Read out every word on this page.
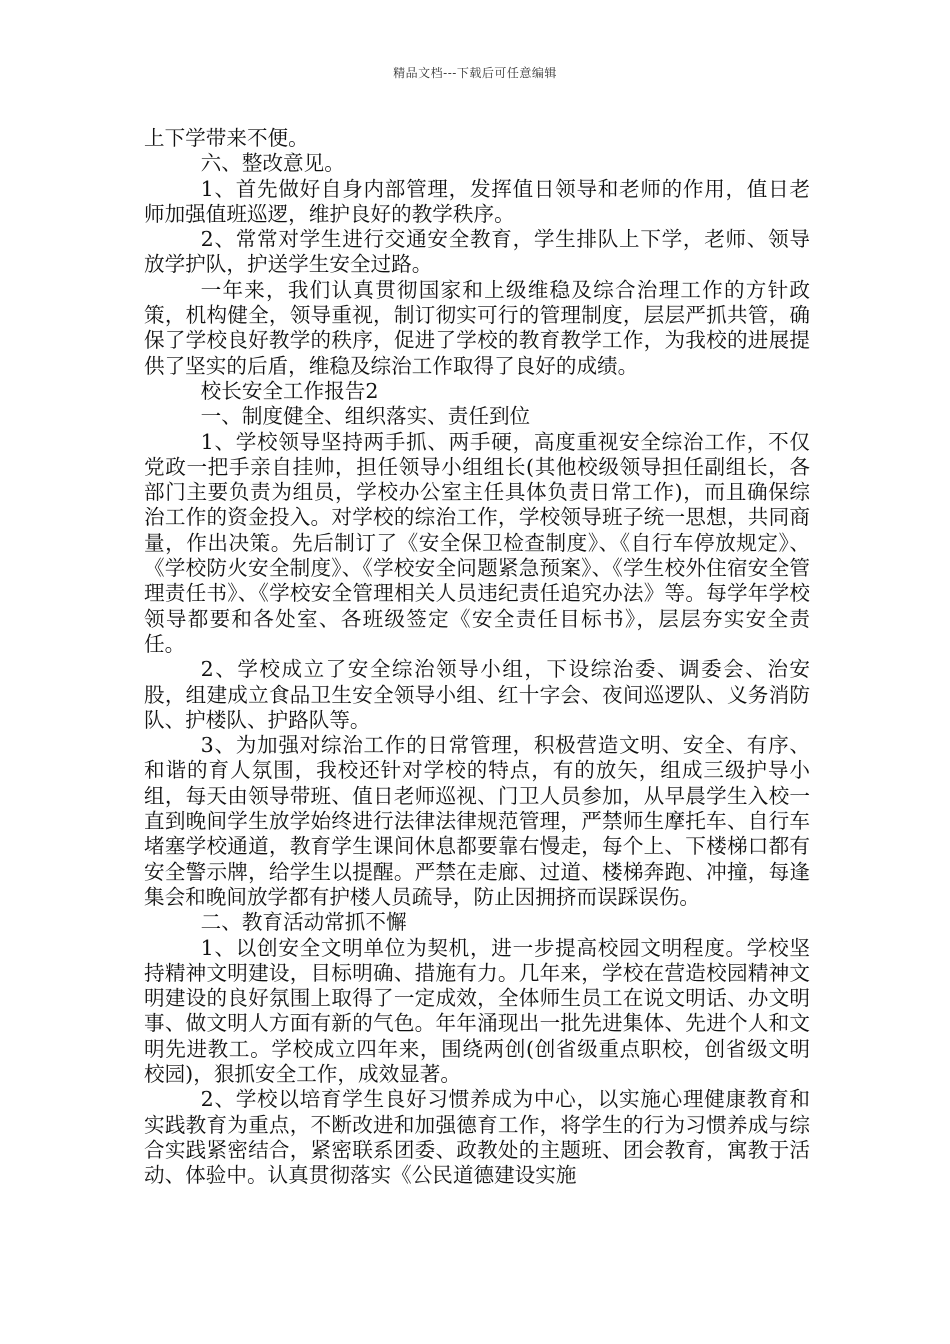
精品文档---下载后可任意编辑

上下学带来不便。

六、整改意见。

1、首先做好自身内部管理，发挥值日领导和老师的作用，值日老师加强值班巡逻，维护良好的教学秩序。

2、常常对学生进行交通安全教育，学生排队上下学，老师、领导放学护队，护送学生安全过路。

一年来，我们认真贯彻国家和上级维稳及综合治理工作的方针政策，机构健全，领导重视，制订彻实可行的管理制度，层层严抓共管，确保了学校良好教学的秩序，促进了学校的教育教学工作，为我校的进展提供了坚实的后盾，维稳及综治工作取得了良好的成绩。

校长安全工作报告2

一、制度健全、组织落实、责任到位

1、学校领导坚持两手抓、两手硬，高度重视安全综治工作，不仅党政一把手亲自挂帅，担任领导小组组长(其他校级领导担任副组长，各部门主要负责为组员，学校办公室主任具体负责日常工作)，而且确保综治工作的资金投入。对学校的综治工作，学校领导班子统一思想，共同商量，作出决策。先后制订了《安全保卫检查制度》、《自行车停放规定》、《学校防火安全制度》、《学校安全问题紧急预案》、《学生校外住宿安全管理责任书》、《学校安全管理相关人员违纪责任追究办法》等。每学年学校领导都要和各处室、各班级签定《安全责任目标书》，层层夯实安全责任。

2、学校成立了安全综治领导小组，下设综治委、调委会、治安股，组建成立食品卫生安全领导小组、红十字会、夜间巡逻队、义务消防队、护楼队、护路队等。

3、为加强对综治工作的日常管理，积极营造文明、安全、有序、和谐的育人氛围，我校还针对学校的特点，有的放矢，组成三级护导小组，每天由领导带班、值日老师巡视、门卫人员参加，从早晨学生入校一直到晚间学生放学始终进行法律法律规范管理，严禁师生摩托车、自行车堵塞学校通道，教育学生课间休息都要靠右慢走，每个上、下楼梯口都有安全警示牌，给学生以提醒。严禁在走廊、过道、楼梯奔跑、冲撞，每逢集会和晚间放学都有护楼人员疏导，防止因拥挤而误踩误伤。

二、教育活动常抓不懈

1、以创安全文明单位为契机，进一步提高校园文明程度。学校坚持精神文明建设，目标明确、措施有力。几年来，学校在营造校园精神文明建设的良好氛围上取得了一定成效，全体师生员工在说文明话、办文明事、做文明人方面有新的气色。年年涌现出一批先进集体、先进个人和文明先进教工。学校成立四年来，围绕两创(创省级重点职校，创省级文明校园)，狠抓安全工作，成效显著。

2、学校以培育学生良好习惯养成为中心，以实施心理健康教育和实践教育为重点，不断改进和加强德育工作，将学生的行为习惯养成与综合实践紧密结合，紧密联系团委、政教处的主题班、团会教育，寓教于活动、体验中。认真贯彻落实《公民道德建设实施
